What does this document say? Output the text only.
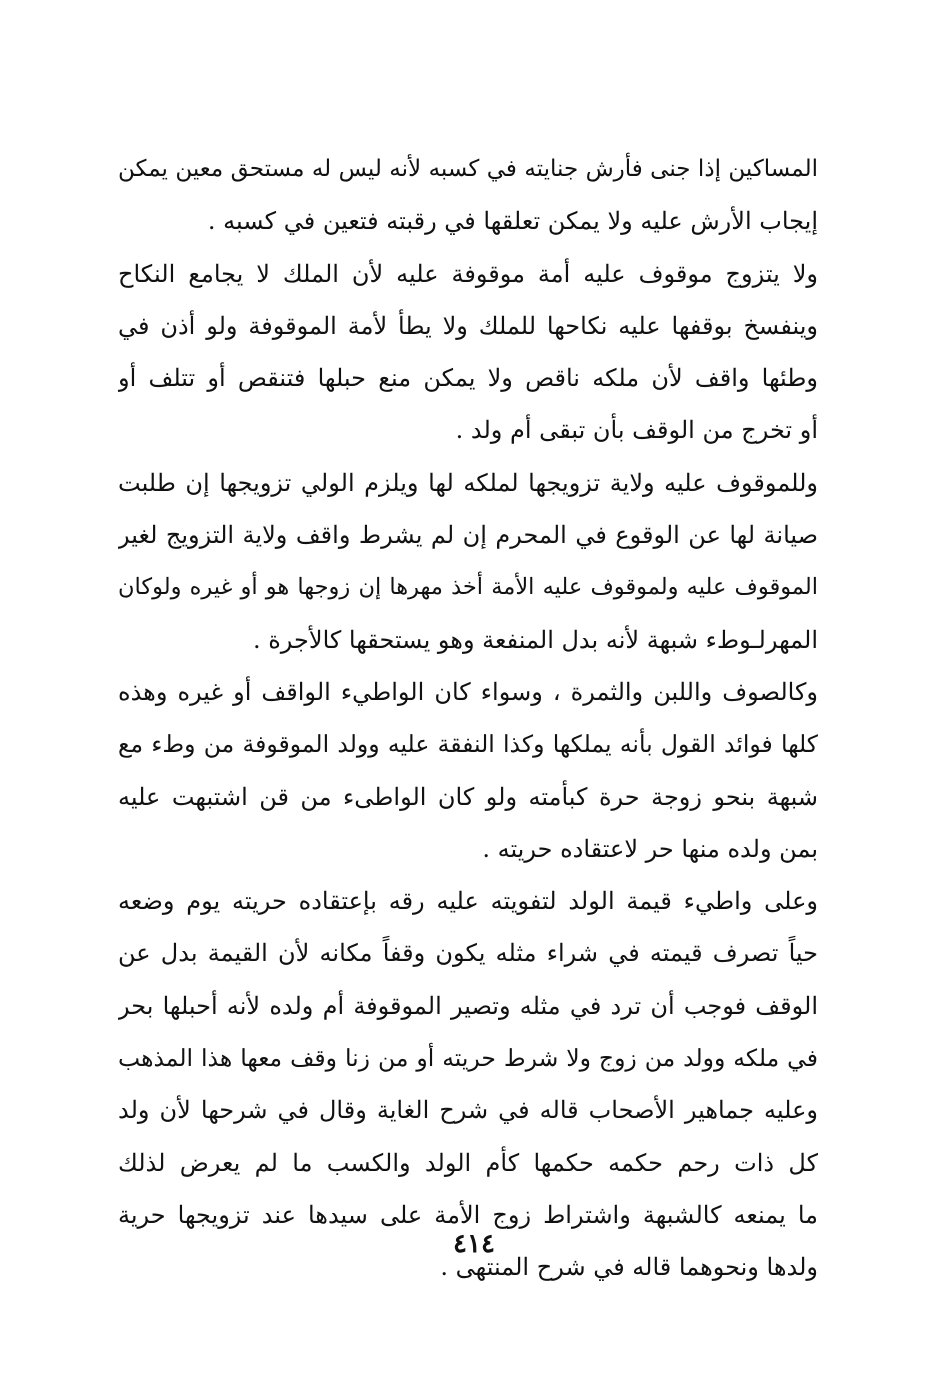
المساكين إذا جنى فأرش جنايته في كسبه لأنه ليس له مستحق معين يمكن
إيجاب الأرش عليه ولا يمكن تعلقها في رقبته فتعين في كسبه .
ولا يتزوج موقوف عليه أمة موقوفة عليه لأن الملك لا يجامع النكاح
وينفسخ بوقفها عليه نكاحها للملك ولا يطأ لأمة الموقوفة ولو أذن في
وطئها واقف لأن ملكه ناقص ولا يمكن منع حبلها فتنقص أو تتلف أو
أو تخرج من الوقف بأن تبقى أم ولد .
وللموقوف عليه ولاية تزويجها لملكه لها ويلزم الولي تزويجها إن طلبت
صيانة لها عن الوقوع في المحرم إن لم يشرط واقف ولاية التزويج لغير
الموقوف عليه ولموقوف عليه الأمة أخذ مهرها إن زوجها هو أو غيره ولوكان
المهرلـوطء شبهة لأنه بدل المنفعة وهو يستحقها كالأجرة .
وكالصوف واللبن والثمرة ، وسواء كان الواطيء الواقف أو غيره وهذه
كلها فوائد القول بأنه يملكها وكذا النفقة عليه وولد الموقوفة من وطء مع
شبهة بنحو زوجة حرة كبأمته ولو كان الواطىء من قن اشتبهت عليه
بمن ولده منها حر لاعتقاده حريته .
وعلى واطيء قيمة الولد لتفويته عليه رقه بإعتقاده حريته يوم وضعه
حياً تصرف قيمته في شراء مثله يكون وقفاً مكانه لأن القيمة بدل عن
الوقف فوجب أن ترد في مثله وتصير الموقوفة أم ولده لأنه أحبلها بحر
في ملكه وولد من زوج ولا شرط حريته أو من زنا وقف معها هذا المذهب
وعليه جماهير الأصحاب قاله في شرح الغاية وقال في شرحها لأن ولد
كل ذات رحم حكمه حكمها كأم الولد والكسب ما لم يعرض لذلك
ما يمنعه كالشبهة واشتراط زوج الأمة على سيدها عند تزويجها حرية
ولدها ونحوهما قاله في شرح المنتهى .
٤١٤
